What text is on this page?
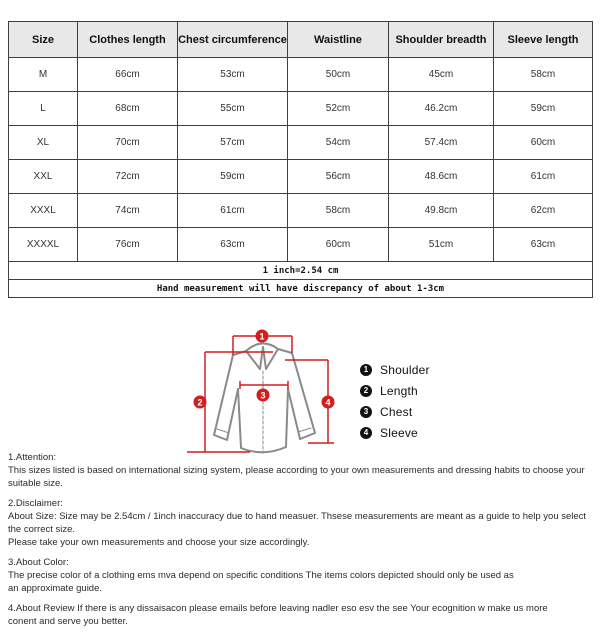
Size	Clothes length	Chest circumference	Waistline	Shoulder breadth	Sleeve length
M	66cm	53cm	50cm	45cm	58cm
L	68cm	55cm	52cm	46.2cm	59cm
XL	70cm	57cm	54cm	57.4cm	60cm
XXL	72cm	59cm	56cm	48.6cm	61cm
XXXL	74cm	61cm	58cm	49.8cm	62cm
XXXXL	76cm	63cm	60cm	51cm	63cm
1 inch=2.54 cm					
Hand measurement will have discrepancy of about 1-3cm					
1
2
3
4
1 Shoulder
2 Length
3 Chest
4 Sleeve
1.Attention:
This sizes listed is based on international sizing system, please according to your own measurements and dressing habits to choose your suitable size.
2.Disclaimer:
About Size: Size may be 2.54cm / 1inch inaccuracy due to hand measuer. Thsese measurements are meant as a guide to help you select the correct size.
Please take your own measurements and choose your size accordingly.
3.About Color:
The precise color of a clothing ems mva depend on specific conditions The items colors depicted should only be used as
an approximate guide.
4.About Review If there is any dissaisacon please emails before leaving nadler eso esv the see Your ecognition w make us more
conent and serve you better.
